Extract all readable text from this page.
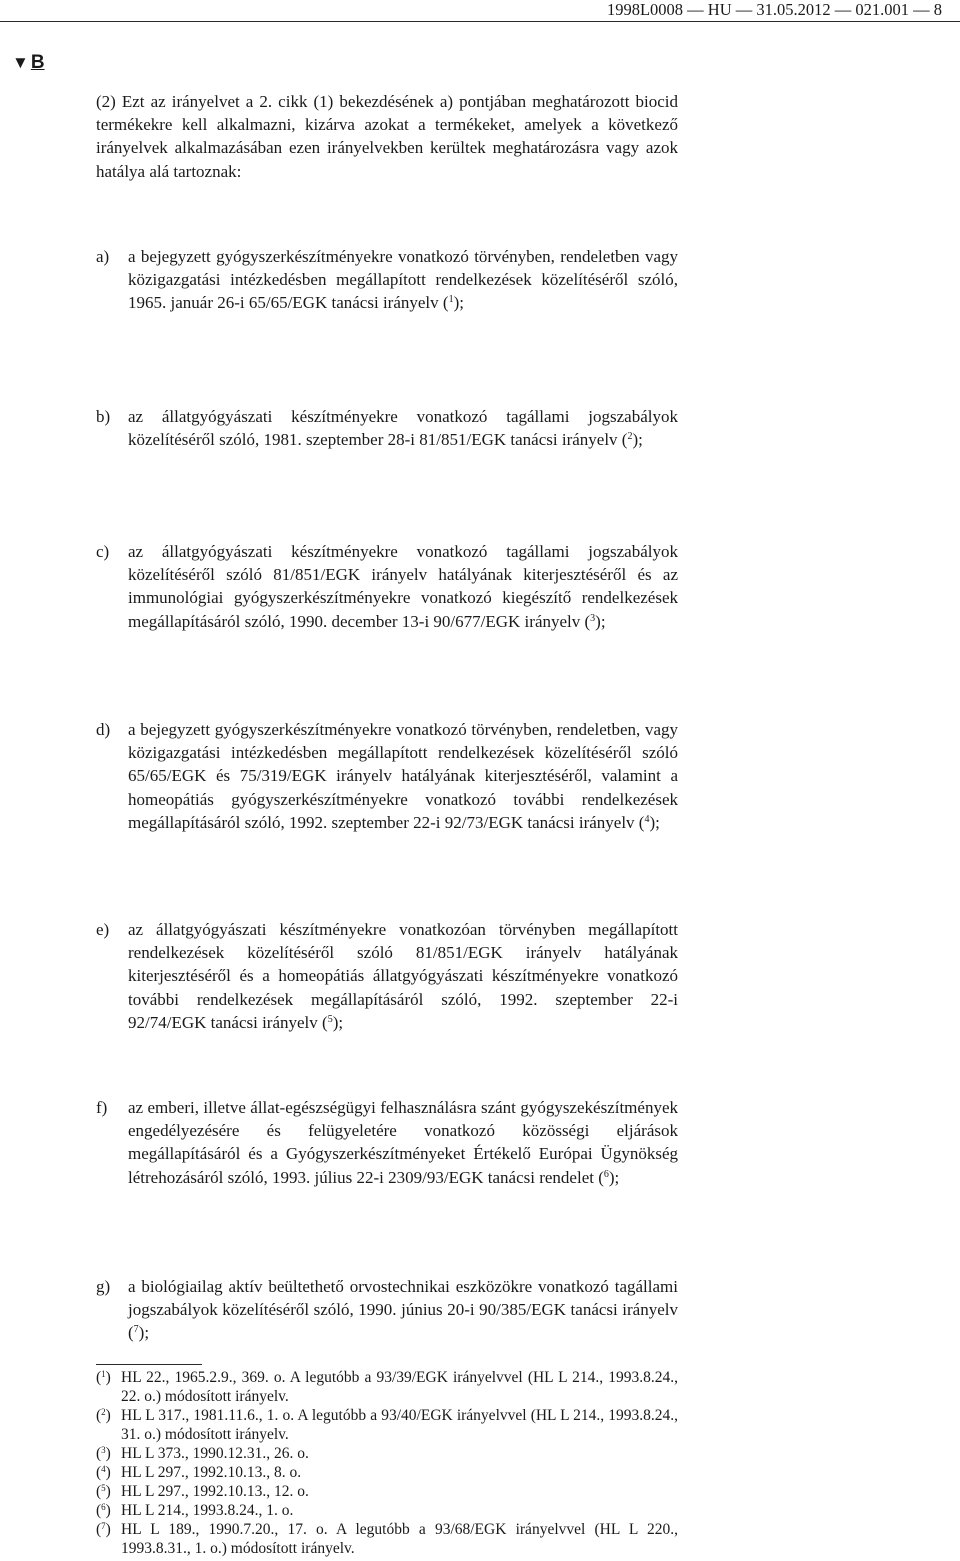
1998L0008 — HU — 31.05.2012 — 021.001 — 8
▼ B
(2) Ezt az irányelvet a 2. cikk (1) bekezdésének a) pontjában meghatározott biocid termékekre kell alkalmazni, kizárva azokat a termékeket, amelyek a következő irányelvek alkalmazásában ezen irányelvekben kerültek meghatározásra vagy azok hatálya alá tartoznak:
a)	a bejegyzett gyógyszerkészítményekre vonatkozó törvényben, rendeletben vagy közigazgatási intézkedésben megállapított rendelkezések közelítéséről szóló, 1965. január 26-i 65/65/EGK tanácsi irányelv ($^1$);
b)	az állatgyógyászati készítményekre vonatkozó tagállami jogszabályok közelítéséről szóló, 1981. szeptember 28-i 81/851/EGK tanácsi irányelv ($^2$);
c)	az állatgyógyászati készítményekre vonatkozó tagállami jogszabályok közelítéséről szóló 81/851/EGK irányelv hatályának kiterjesztéséről és az immunológiai gyógyszerkészítményekre vonatkozó kiegészítő rendelkezések megállapításáról szóló, 1990. december 13-i 90/677/EGK irányelv ($^3$);
d)	a bejegyzett gyógyszerkészítményekre vonatkozó törvényben, rendeletben, vagy közigazgatási intézkedésben megállapított rendelkezések közelítéséről szóló 65/65/EGK és 75/319/EGK irányelv hatályának kiterjesztéséről, valamint a homeopátiás gyógyszerkészítményekre vonatkozó további rendelkezések megállapításáról szóló, 1992. szeptember 22-i 92/73/EGK tanácsi irányelv ($^4$);
e)	az állatgyógyászati készítményekre vonatkozóan törvényben megállapított rendelkezések közelítéséről szóló 81/851/EGK irányelv hatályának kiterjesztéséről és a homeopátiás állatgyógyászati készítményekre vonatkozó további rendelkezések megállapításáról szóló, 1992. szeptember 22-i 92/74/EGK tanácsi irányelv ($^5$);
f)	az emberi, illetve állat-egészségügyi felhasználásra szánt gyógyszekészítmények engedélyezésére és felügyeletére vonatkozó közösségi eljárások megállapításáról és a Gyógyszerkészítményeket Értékelő Európai Ügynökség létrehozásáról szóló, 1993. július 22-i 2309/93/EGK tanácsi rendelet ($^6$);
g)	a biológiailag aktív beültethető orvostechnikai eszközökre vonatkozó tagállami jogszabályok közelítéséről szóló, 1990. június 20-i 90/385/EGK tanácsi irányelv ($^7$);
($^1$) HL 22., 1965.2.9., 369. o. A legutóbb a 93/39/EGK irányelvvel (HL L 214., 1993.8.24., 22. o.) módosított irányelv.
($^2$) HL L 317., 1981.11.6., 1. o. A legutóbb a 93/40/EGK irányelvvel (HL L 214., 1993.8.24., 31. o.) módosított irányelv.
($^3$) HL L 373., 1990.12.31., 26. o.
($^4$) HL L 297., 1992.10.13., 8. o.
($^5$) HL L 297., 1992.10.13., 12. o.
($^6$) HL L 214., 1993.8.24., 1. o.
($^7$) HL L 189., 1990.7.20., 17. o. A legutóbb a 93/68/EGK irányelvvel (HL L 220., 1993.8.31., 1. o.) módosított irányelv.
